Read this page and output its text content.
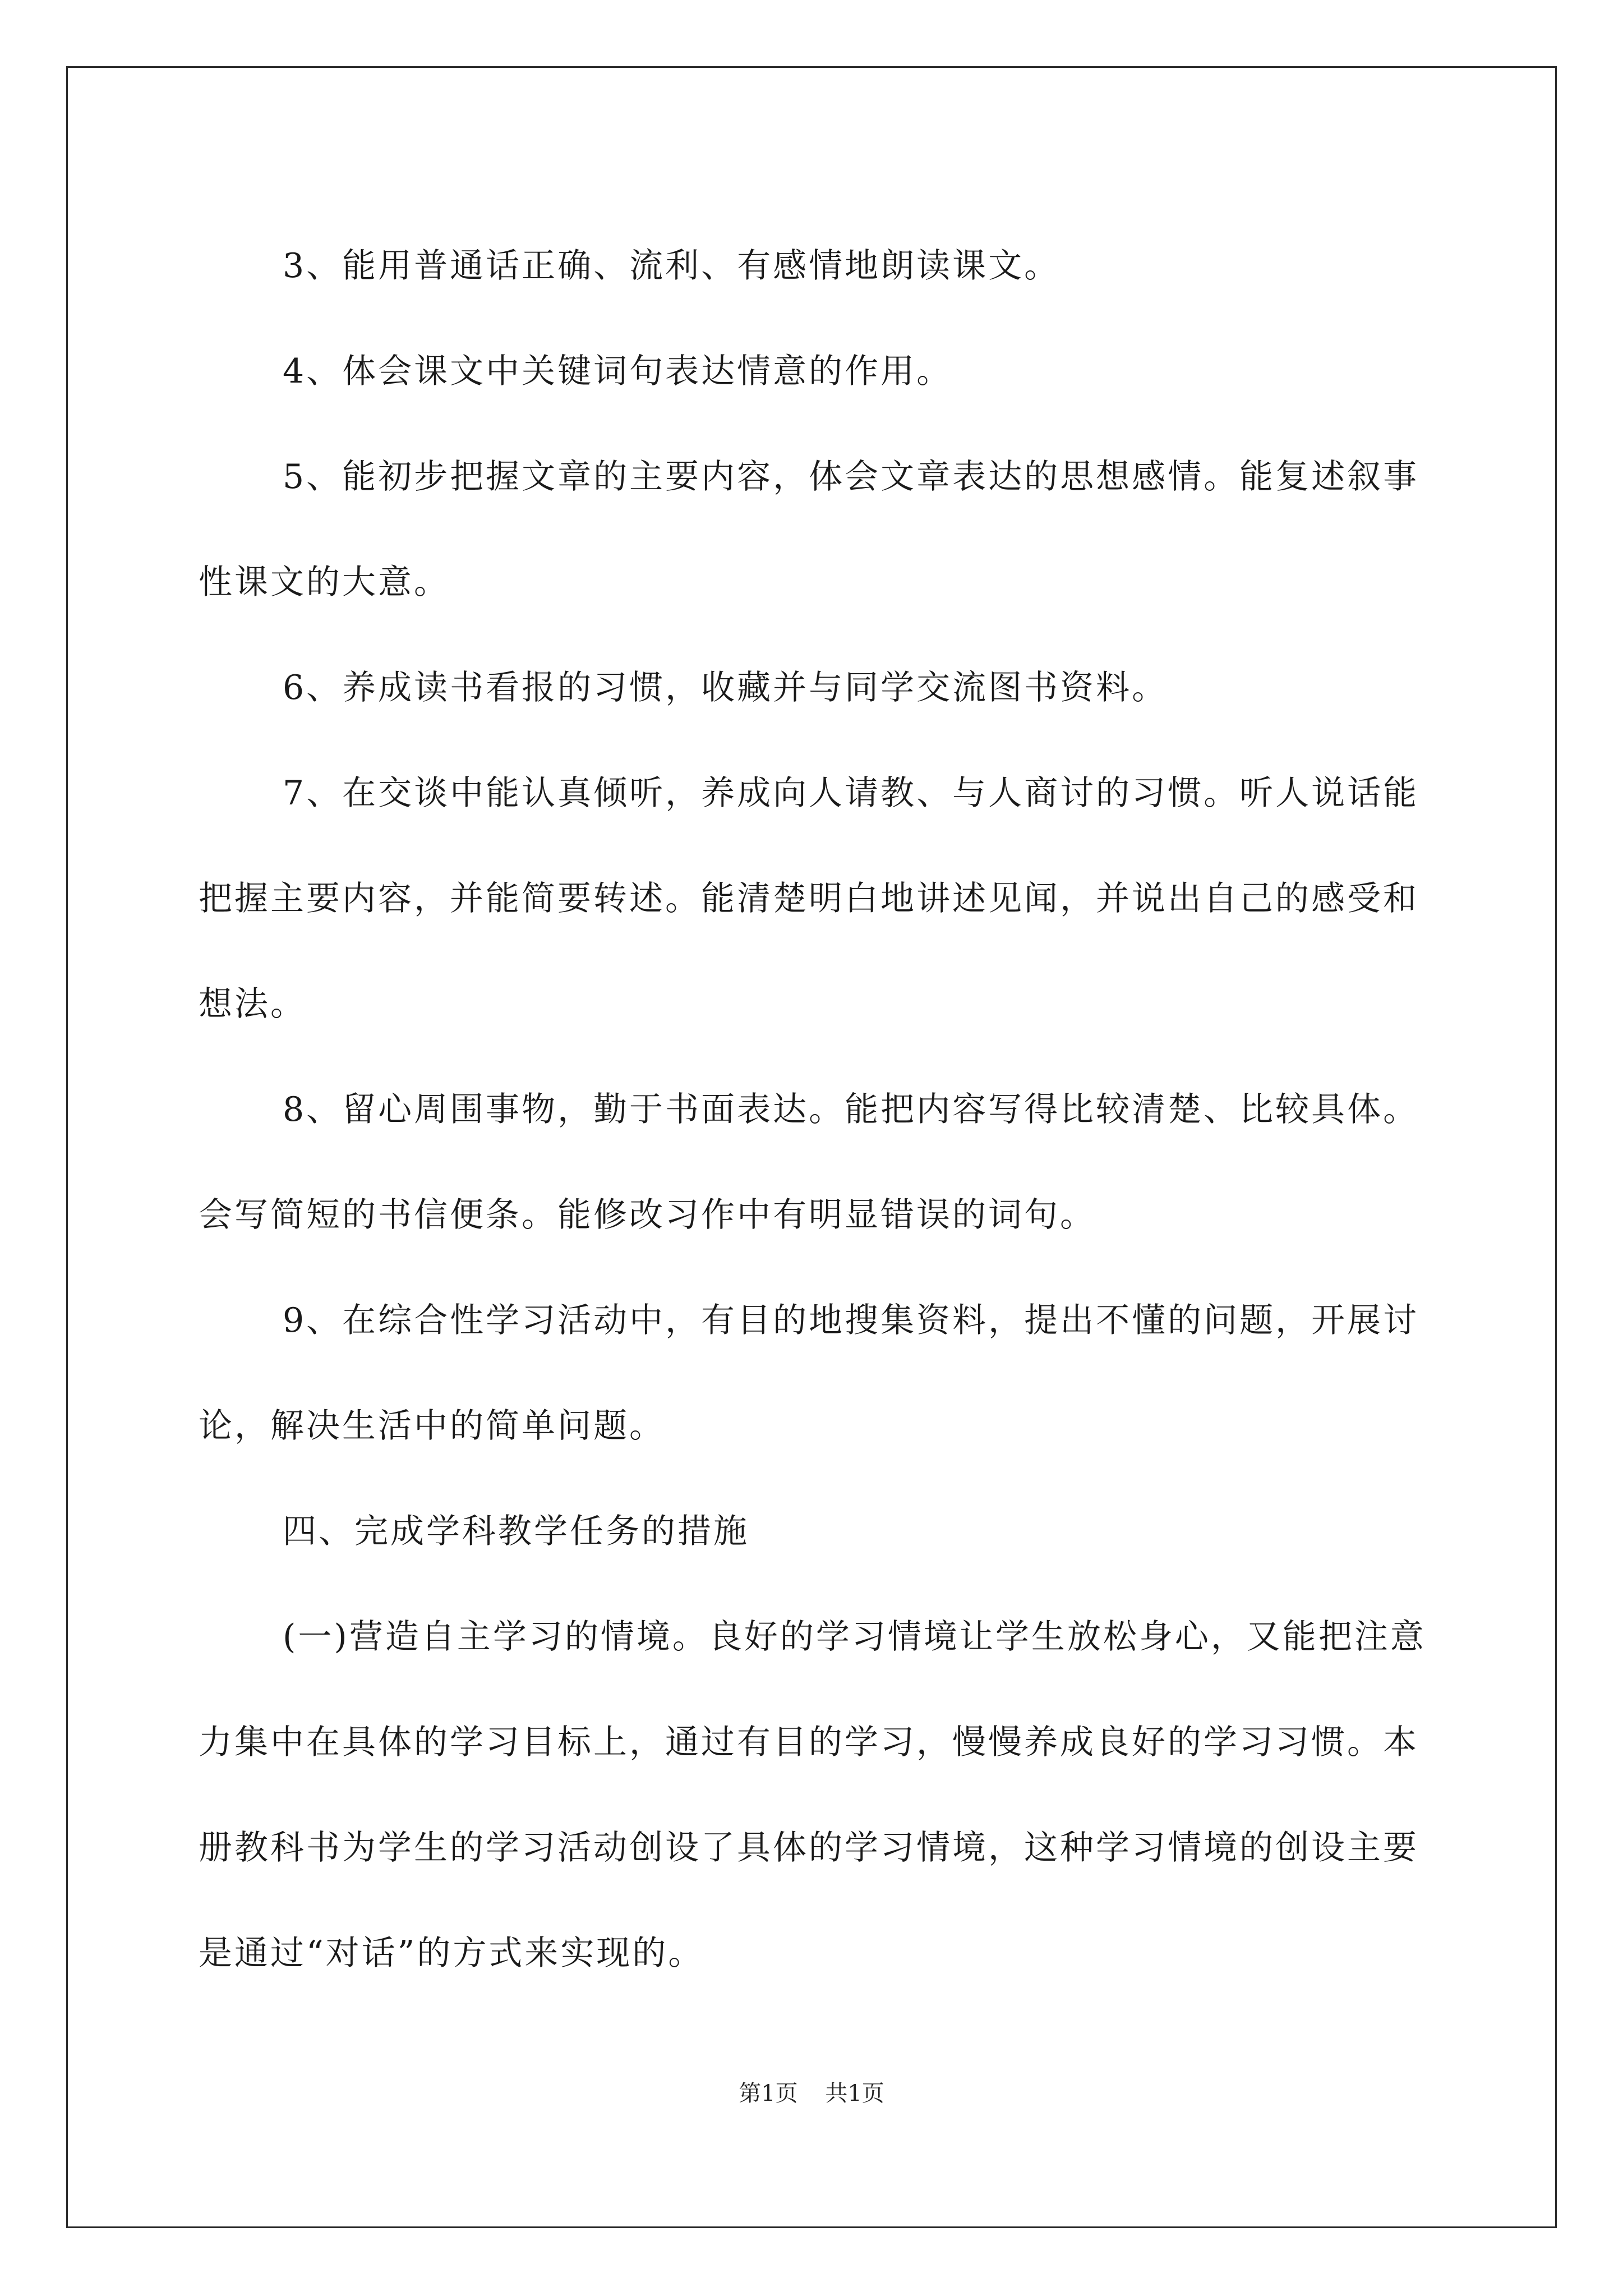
3、能用普通话正确、流利、有感情地朗读课文。

4、体会课文中关键词句表达情意的作用。

5、能初步把握文章的主要内容，体会文章表达的思想感情。能复述叙事性课文的大意。

6、养成读书看报的习惯，收藏并与同学交流图书资料。

7、在交谈中能认真倾听，养成向人请教、与人商讨的习惯。听人说话能把握主要内容，并能简要转述。能清楚明白地讲述见闻，并说出自己的感受和想法。

8、留心周围事物，勤于书面表达。能把内容写得比较清楚、比较具体。会写简短的书信便条。能修改习作中有明显错误的词句。

9、在综合性学习活动中，有目的地搜集资料，提出不懂的问题，开展讨论，解决生活中的简单问题。

四、完成学科教学任务的措施

(一)营造自主学习的情境。良好的学习情境让学生放松身心，又能把注意力集中在具体的学习目标上，通过有目的学习，慢慢养成良好的学习习惯。本册教科书为学生的学习活动创设了具体的学习情境，这种学习情境的创设主要是通过“对话”的方式来实现的。

第1页 共1页
